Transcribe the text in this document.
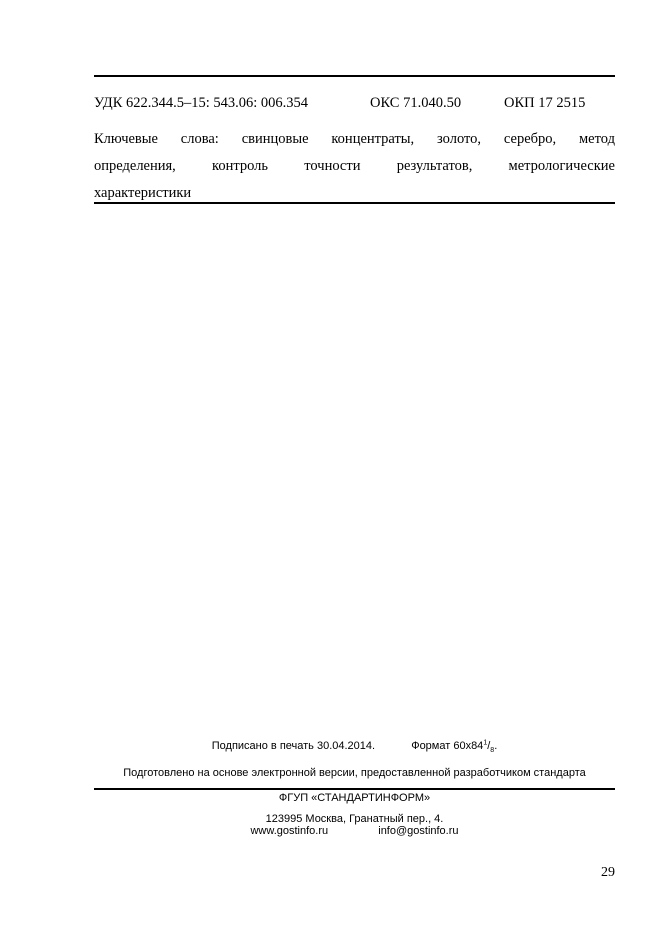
УДК 622.344.5–15: 543.06: 006.354	ОКС 71.040.50	ОКП 17 2515
Ключевые слова: свинцовые концентраты, золото, серебро, метод
определения, контроль точности результатов, метрологические
характеристики
Подписано в печать 30.04.2014.	Формат $60x84^1/_8$.
Подготовлено на основе электронной версии, предоставленной разработчиком стандарта
ФГУП «СТАНДАРТИНФОРМ»
123995 Москва, Гранатный пер., 4.
www.gostinfo.ru	info@gostinfo.ru
29
